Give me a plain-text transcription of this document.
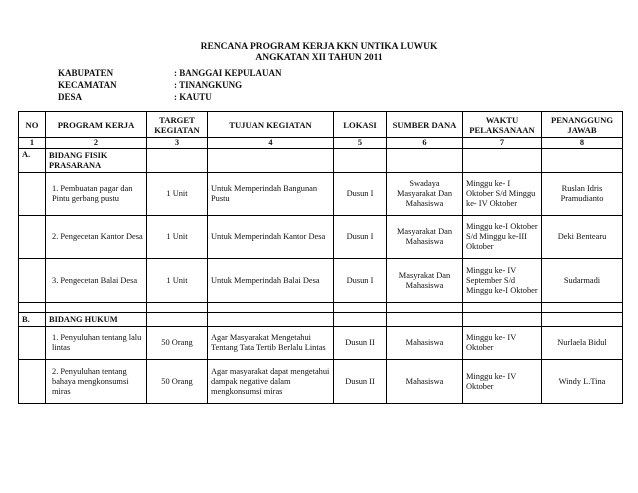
RENCANA PROGRAM KERJA KKN UNTIKA LUWUK
ANGKATAN XII TAHUN 2011
KABUPATEN	: BANGGAI KEPULAUAN
KECAMATAN	: TINANGKUNG
DESA	: KAUTU
NO	PROGRAM KERJA	TARGET KEGIATAN	TUJUAN KEGIATAN	LOKASI	SUMBER DANA	WAKTU PELAKSANAAN	PENANGGUNG JAWAB
1	2	3	4	5	6	7	8
A.	BIDANG FISIK PRASARANA						
	1. Pembuatan pagar dan Pintu gerbang pustu	1 Unit	Untuk Memperindah Bangunan Pustu	Dusun I	Swadaya Masyarakat Dan Mahasiswa	Minggu ke- I Oktober S/d Minggu ke- IV Oktober	Ruslan Idris Pramudianto
	2. Pengecetan Kantor Desa	1 Unit	Untuk Memperindah Kantor Desa	Dusun I	Masyarakat Dan Mahasiswa	Minggu ke-I Oktober S/d Minggu ke-III Oktober	Deki Bentearu
	3. Pengecetan Balai Desa	1 Unit	Untuk Memperindah Balai Desa	Dusun I	Masyrakat Dan Mahasiswa	Minggu ke- IV September S/d Minggu ke-I Oktober	Sudarmadi

B.	BIDANG HUKUM						
	1. Penyuluhan tentang lalu lintas	50 Orang	Agar Masyarakat Mengetahui Tentang Tata Tertib Berlalu Lintas	Dusun II	Mahasiswa	Minggu ke- IV Oktober	Nurlaela Bidul
	2. Penyuluhan tentang bahaya mengkonsumsi miras	50 Orang	Agar masyarakat dapat mengetahui dampak negative dalam mengkonsumsi miras	Dusun II	Mahasiswa	Minggu ke- IV Oktober	Windy L.Tina
